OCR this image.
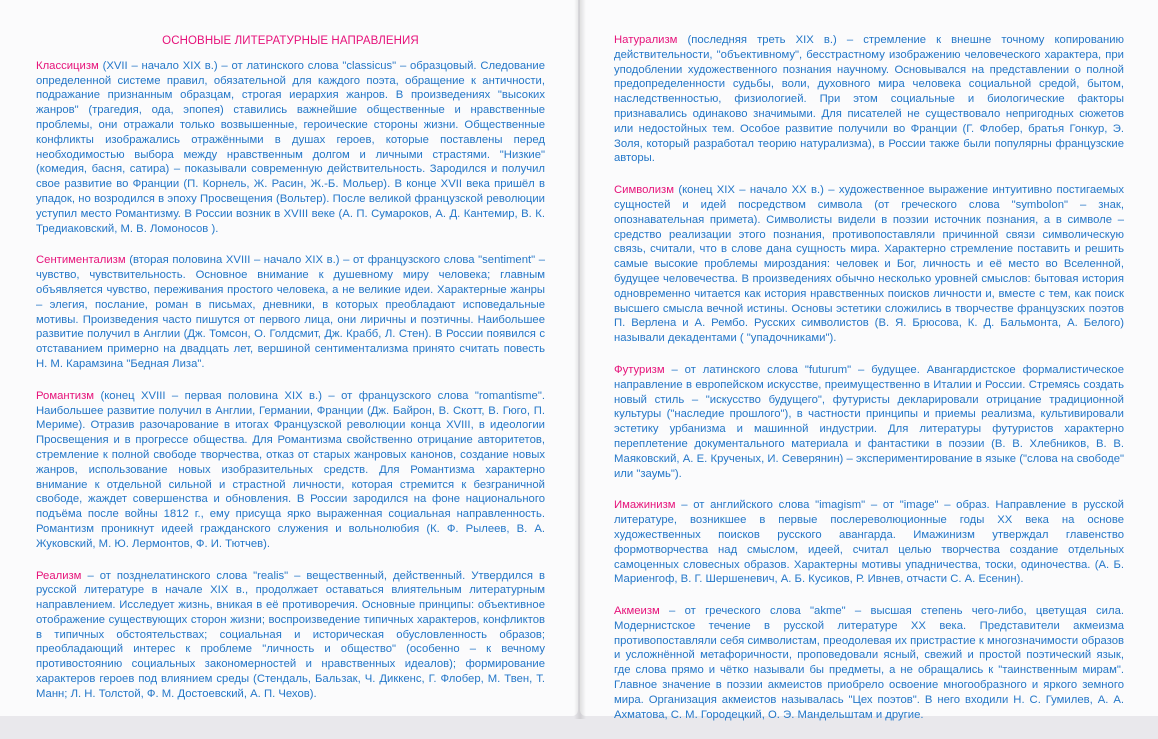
ОСНОВНЫЕ ЛИТЕРАТУРНЫЕ НАПРАВЛЕНИЯ

Классицизм (XVII – начало XIX в.) – от латинского слова "classicus" – образцовый. Следование определенной системе правил, обязательной для каждого поэта, обращение к античности, подражание признанным образцам, строгая иерархия жанров. В произведениях "высоких жанров" (трагедия, ода, эпопея) ставились важнейшие общественные и нравственные проблемы, они отражали только возвышенные, героические стороны жизни. Общественные конфликты изображались отражёнными в душах героев, которые поставлены перед необходимостью выбора между нравственным долгом и личными страстями. "Низкие" (комедия, басня, сатира) – показывали современную действительность. Зародился и получил свое развитие во Франции (П. Корнель, Ж. Расин, Ж.-Б. Мольер). В конце XVII века пришёл в упадок, но возродился в эпоху Просвещения (Вольтер). После великой французской революции уступил место Романтизму. В России возник в XVIII веке (А. П. Сумароков, А. Д. Кантемир, В. К. Тредиаковский, М. В. Ломоносов ).

Сентиментализм (вторая половина XVIII – начало XIX в.) – от французского слова "sentiment" – чувство, чувствительность. Основное внимание к душевному миру человека; главным объявляется чувство, переживания простого человека, а не великие идеи. Характерные жанры – элегия, послание, роман в письмах, дневники, в которых преобладают исповедальные мотивы. Произведения часто пишутся от первого лица, они лиричны и поэтичны. Наибольшее развитие получил в Англии (Дж. Томсон, О. Голдсмит, Дж. Крабб, Л. Стен). В России появился с отставанием примерно на двадцать лет, вершиной сентиментализма принято считать повесть Н. М. Карамзина "Бедная Лиза".

Романтизм (конец XVIII – первая половина XIX в.) – от французского слова "romantisme". Наибольшее развитие получил в Англии, Германии, Франции (Дж. Байрон, В. Скотт, В. Гюго, П. Мериме). Отразив разочарование в итогах Французской революции конца XVIII, в идеологии Просвещения и в прогрессе общества. Для Романтизма свойственно отрицание авторитетов, стремление к полной свободе творчества, отказ от старых жанровых канонов, создание новых жанров, использование новых изобразительных средств. Для Романтизма характерно внимание к отдельной сильной и страстной личности, которая стремится к безграничной свободе, жаждет совершенства и обновления. В России зародился на фоне национального подъёма после войны 1812 г., ему присуща ярко выраженная социальная направленность. Романтизм проникнут идеей гражданского служения и вольнолюбия (К. Ф. Рылеев, В. А. Жуковский, М. Ю. Лермонтов, Ф. И. Тютчев).

Реализм – от позднелатинского слова "realis" – вещественный, действенный. Утвердился в русской литературе в начале XIX в., продолжает оставаться влиятельным литературным направлением. Исследует жизнь, вникая в её противоречия. Основные принципы: объективное отображение существующих сторон жизни; воспроизведение типичных характеров, конфликтов в типичных обстоятельствах; социальная и историческая обусловленность образов; преобладающий интерес к проблеме "личность и общество" (особенно – к вечному противостоянию социальных закономерностей и нравственных идеалов); формирование характеров героев под влиянием среды (Стендаль, Бальзак, Ч. Диккенс, Г. Флобер, М. Твен, Т. Манн; Л. Н. Толстой, Ф. М. Достоевский, А. П. Чехов).

Натурализм (последняя треть XIX в.) – стремление к внешне точному копированию действительности, "объективному", бесстрастному изображению человеческого характера, при уподоблении художественного познания научному. Основывался на представлении о полной предопределенности судьбы, воли, духовного мира человека социальной средой, бытом, наследственностью, физиологией. При этом социальные и биологические факторы признавались одинаково значимыми. Для писателей не существовало непригодных сюжетов или недостойных тем. Особое развитие получили во Франции (Г. Флобер, братья Гонкур, Э. Золя, который разработал теорию натурализма), в России также были популярны французские авторы.

Символизм (конец XIX – начало XX в.) – художественное выражение интуитивно постигаемых сущностей и идей посредством символа (от греческого слова "symbolon" – знак, опознавательная примета). Символисты видели в поэзии источник познания, а в символе – средство реализации этого познания, противопоставляли причинной связи символическую связь, считали, что в слове дана сущность мира. Характерно стремление поставить и решить самые высокие проблемы мироздания: человек и Бог, личность и её место во Вселенной, будущее человечества. В произведениях обычно несколько уровней смыслов: бытовая история одновременно читается как история нравственных поисков личности и, вместе с тем, как поиск высшего смысла вечной истины. Основы эстетики сложились в творчестве французских поэтов П. Верлена и А. Рембо. Русских символистов (В. Я. Брюсова, К. Д. Бальмонта, А. Белого) называли декадентами ( "упадочниками").

Футуризм – от латинского слова "futurum" – будущее. Авангардистское формалистическое направление в европейском искусстве, преимущественно в Италии и России. Стремясь создать новый стиль – "искусство будущего", футуристы декларировали отрицание традиционной культуры ("наследие прошлого"), в частности принципы и приемы реализма, культивировали эстетику урбанизма и машинной индустрии. Для литературы футуристов характерно переплетение документального материала и фантастики в поэзии (В. В. Хлебников, В. В. Маяковский, А. Е. Крученых, И. Северянин) – экспериментирование в языке ("слова на свободе" или "заумь").

Имажинизм – от английского слова "imagism" – от "image" – образ. Направление в русской литературе, возникшее в первые послереволюционные годы XX века на основе художественных поисков русского авангарда. Имажинизм утверждал главенство формотворчества над смыслом, идеей, считал целью творчества создание отдельных самоценных словесных образов. Характерны мотивы упадничества, тоски, одиночества. (А. Б. Мариенгоф, В. Г. Шершеневич, А. Б. Кусиков, Р. Ивнев, отчасти С. А. Есенин).

Акмеизм – от греческого слова "akme" – высшая степень чего-либо, цветущая сила. Модернистское течение в русской литературе XX века. Представители акмеизма противопоставляли себя символистам, преодолевая их пристрастие к многозначимости образов и усложнённой метафоричности, проповедовали ясный, свежий и простой поэтический язык, где слова прямо и чётко называли бы предметы, а не обращались к "таинственным мирам". Главное значение в поэзии акмеистов приобрело освоение многообразного и яркого земного мира. Организация акмеистов называлась "Цех поэтов". В него входили Н. С. Гумилев, А. А. Ахматова, С. М. Городецкий, О. Э. Мандельштам и другие.
